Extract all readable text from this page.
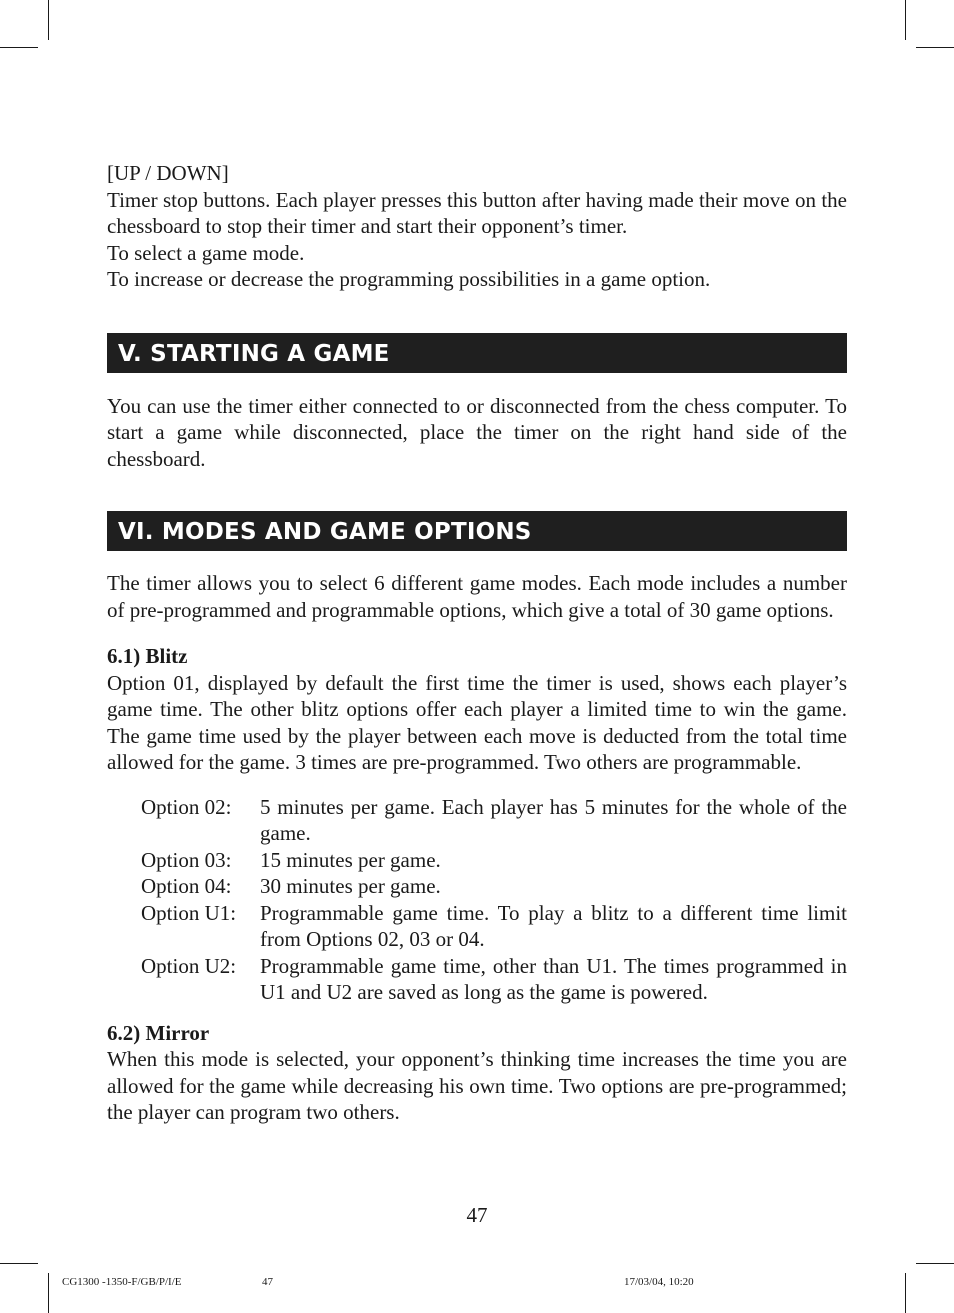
[UP / DOWN]

Timer stop buttons. Each player presses this button after having made their move on the chessboard to stop their timer and start their opponent’s timer.

To select a game mode.

To increase or decrease the programming possibilities in a game option.

V. STARTING A GAME

You can use the timer either connected to or disconnected from the chess computer. To start a game while disconnected, place the timer on the right hand side of the chessboard.

VI. MODES AND GAME OPTIONS

The timer allows you to select 6 different game modes. Each mode includes a number of pre-programmed and programmable options, which give a total of 30 game options.

6.1) Blitz

Option 01, displayed by default the first time the timer is used, shows each player’s game time. The other blitz options offer each player a limited time to win the game. The game time used by the player between each move is deducted from the total time allowed for the game. 3 times are pre-programmed. Two others are programmable.

Option 02:	5 minutes per game. Each player has 5 minutes for the whole of the game.
Option 03:	15 minutes per game.
Option 04:	30 minutes per game.
Option U1:	Programmable game time. To play a blitz to a different time limit from Options 02, 03 or 04.
Option U2:	Programmable game time, other than U1. The times programmed in U1 and U2 are saved as long as the game is powered.

6.2) Mirror

When this mode is selected, your opponent’s thinking time increases the time you are allowed for the game while decreasing his own time. Two options are pre-programmed; the player can program two others.

47
CG1300 -1350-F/GB/P/I/E	47	17/03/04, 10:20
